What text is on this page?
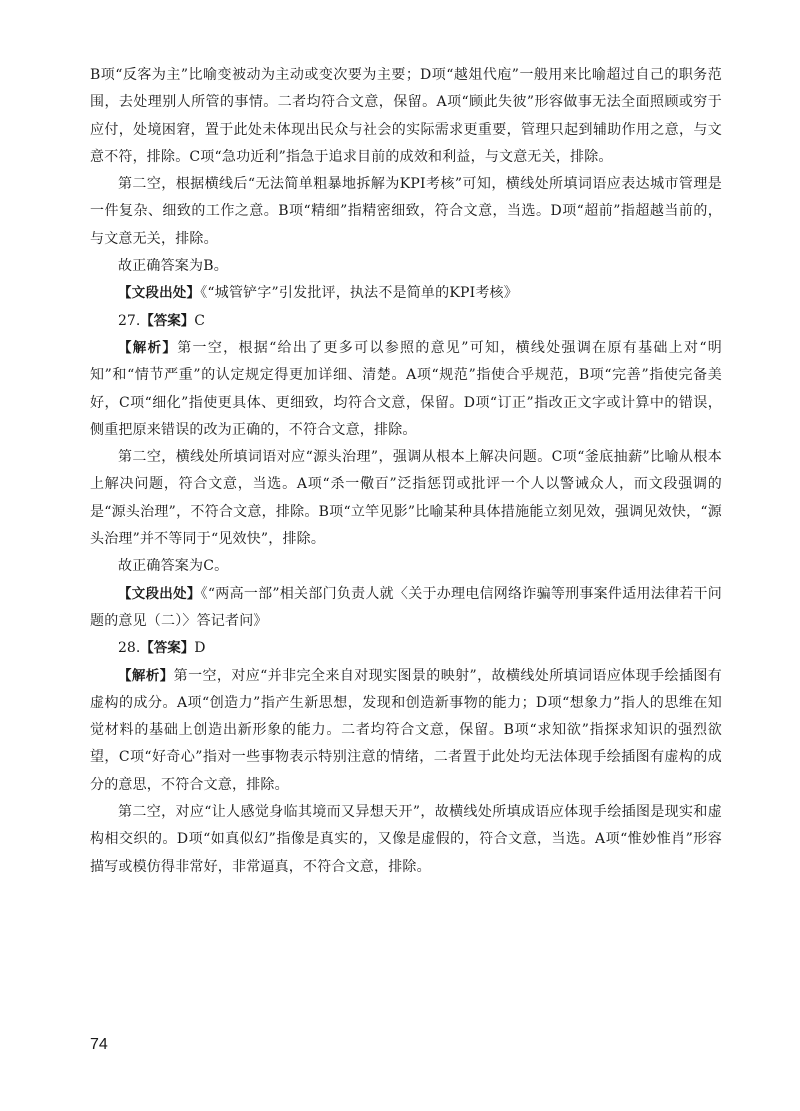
B项“反客为主”比喻变被动为主动或变次要为主要；D项“越俎代庖”一般用来比喻超过自己的职务范围，去处理别人所管的事情。二者均符合文意，保留。A项“顾此失彼”形容做事无法全面照顾或穷于应付，处境困窘，置于此处未体现出民众与社会的实际需求更重要，管理只起到辅助作用之意，与文意不符，排除。C项“急功近利”指急于追求目前的成效和利益，与文意无关，排除。

第二空，根据横线后“无法简单粗暴地拆解为KPI考核”可知，横线处所填词语应表达城市管理是一件复杂、细致的工作之意。B项“精细”指精密细致，符合文意，当选。D项“超前”指超越当前的，与文意无关，排除。

故正确答案为B。

【文段出处】《“城管铲字”引发批评，执法不是简单的KPI考核》

27.【答案】C

【解析】第一空，根据“给出了更多可以参照的意见”可知，横线处强调在原有基础上对“明知”和“情节严重”的认定规定得更加详细、清楚。A项“规范”指使合乎规范，B项“完善”指使完备美好，C项“细化”指使更具体、更细致，均符合文意，保留。D项“订正”指改正文字或计算中的错误，侧重把原来错误的改为正确的，不符合文意，排除。

第二空，横线处所填词语对应“源头治理”，强调从根本上解决问题。C项“釜底抽薪”比喻从根本上解决问题，符合文意，当选。A项“杀一儆百”泛指惩罚或批评一个人以警诫众人，而文段强调的是“源头治理”，不符合文意，排除。B项“立竿见影”比喻某种具体措施能立刻见效，强调见效快，“源头治理”并不等同于“见效快”，排除。

故正确答案为C。

【文段出处】《“两高一部”相关部门负责人就〈关于办理电信网络诈骗等刑事案件适用法律若干问题的意见（二）〉答记者问》

28.【答案】D

【解析】第一空，对应“并非完全来自对现实图景的映射”，故横线处所填词语应体现手绘插图有虚构的成分。A项“创造力”指产生新思想，发现和创造新事物的能力；D项“想象力”指人的思维在知觉材料的基础上创造出新形象的能力。二者均符合文意，保留。B项“求知欲”指探求知识的强烈欲望，C项“好奇心”指对一些事物表示特别注意的情绪，二者置于此处均无法体现手绘插图有虚构的成分的意思，不符合文意，排除。

第二空，对应“让人感觉身临其境而又异想天开”，故横线处所填成语应体现手绘插图是现实和虚构相交织的。D项“如真似幻”指像是真实的，又像是虚假的，符合文意，当选。A项“惟妙惟肖”形容描写或模仿得非常好，非常逼真，不符合文意，排除。

74
